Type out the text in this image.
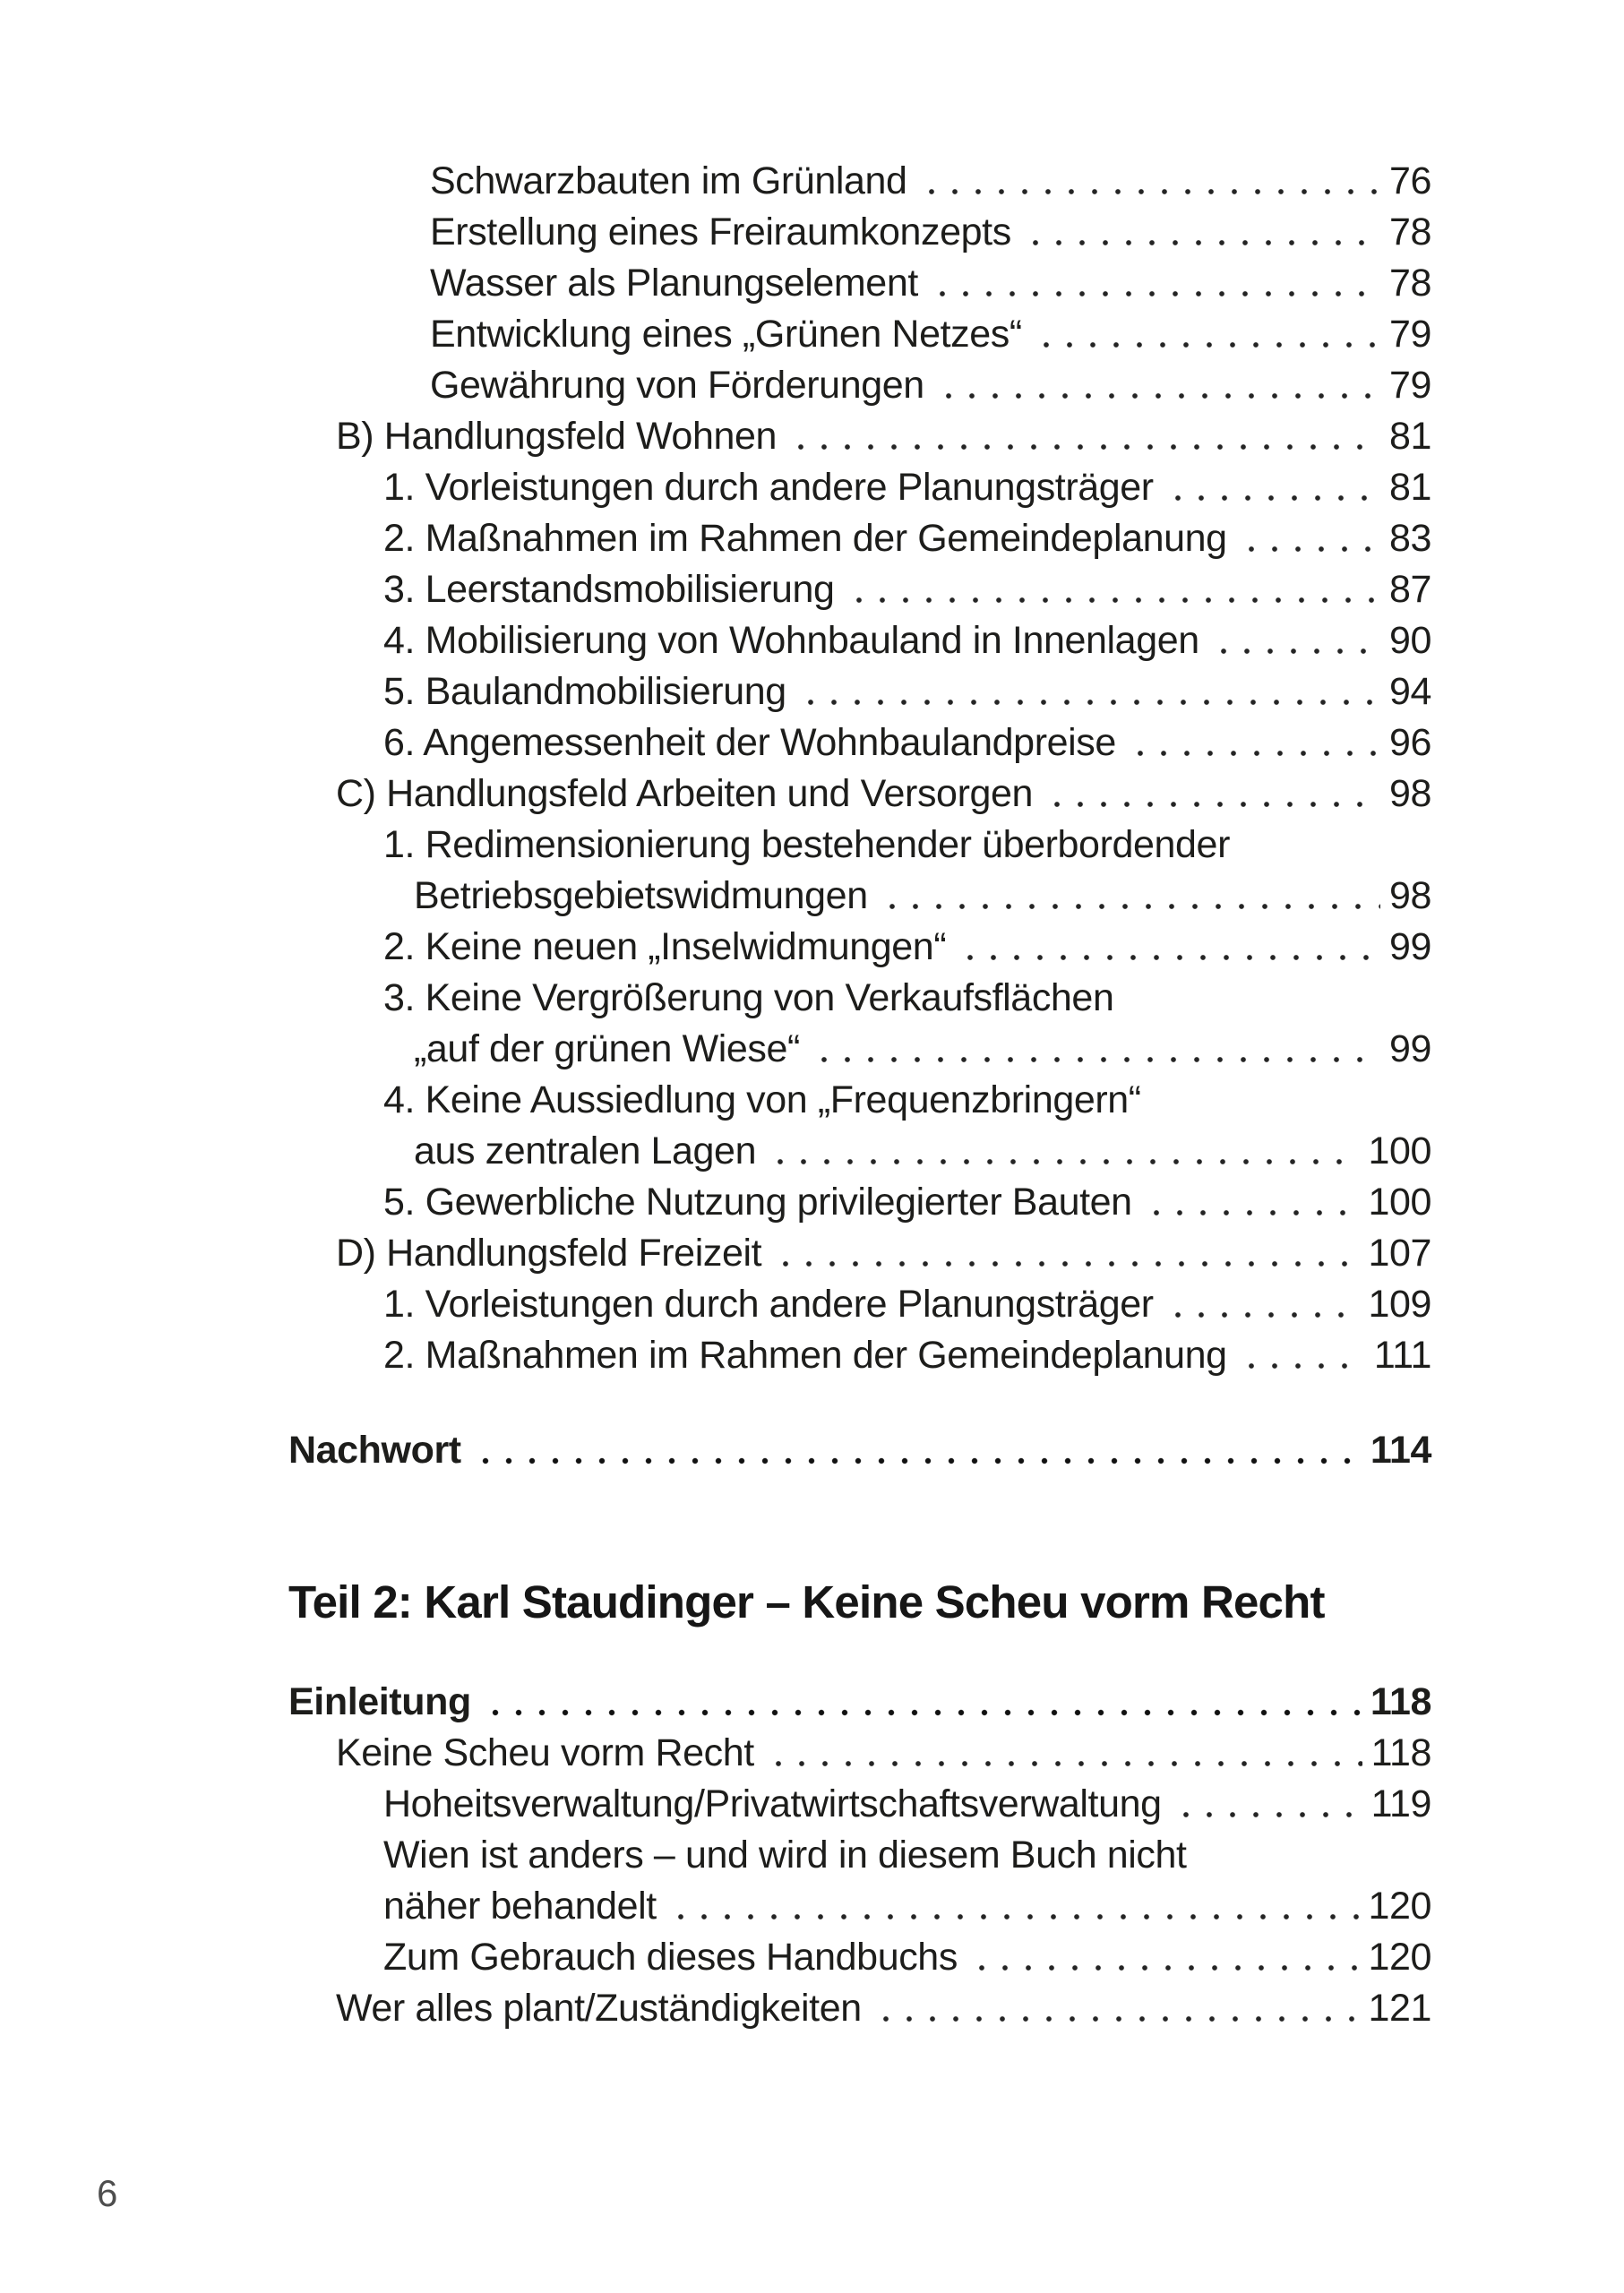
Schwarzbauten im Grünland	76
Erstellung eines Freiraumkonzepts	78
Wasser als Planungselement	78
Entwicklung eines „Grünen Netzes“	79
Gewährung von Förderungen	79
B) Handlungsfeld Wohnen	81
1. Vorleistungen durch andere Planungsträger	81
2. Maßnahmen im Rahmen der Gemeindeplanung	83
3. Leerstandsmobilisierung	87
4. Mobilisierung von Wohnbauland in Innenlagen	90
5. Baulandmobilisierung	94
6. Angemessenheit der Wohnbaulandpreise	96
C) Handlungsfeld Arbeiten und Versorgen	98
1. Redimensionierung bestehender überbordender
Betriebsgebietswidmungen	98
2. Keine neuen „Inselwidmungen“	99
3. Keine Vergrößerung von Verkaufsflächen
„auf der grünen Wiese“	99
4. Keine Aussiedlung von „Frequenzbringern“
aus zentralen Lagen	100
5. Gewerbliche Nutzung privilegierter Bauten	100
D) Handlungsfeld Freizeit	107
1. Vorleistungen durch andere Planungsträger	109
2. Maßnahmen im Rahmen der Gemeindeplanung	111
Nachwort	114
Teil 2: Karl Staudinger – Keine Scheu vorm Recht
Einleitung	118
Keine Scheu vorm Recht	118
Hoheitsverwaltung/Privatwirtschaftsverwaltung	119
Wien ist anders – und wird in diesem Buch nicht
näher behandelt	120
Zum Gebrauch dieses Handbuchs	120
Wer alles plant/Zuständigkeiten	121
6
